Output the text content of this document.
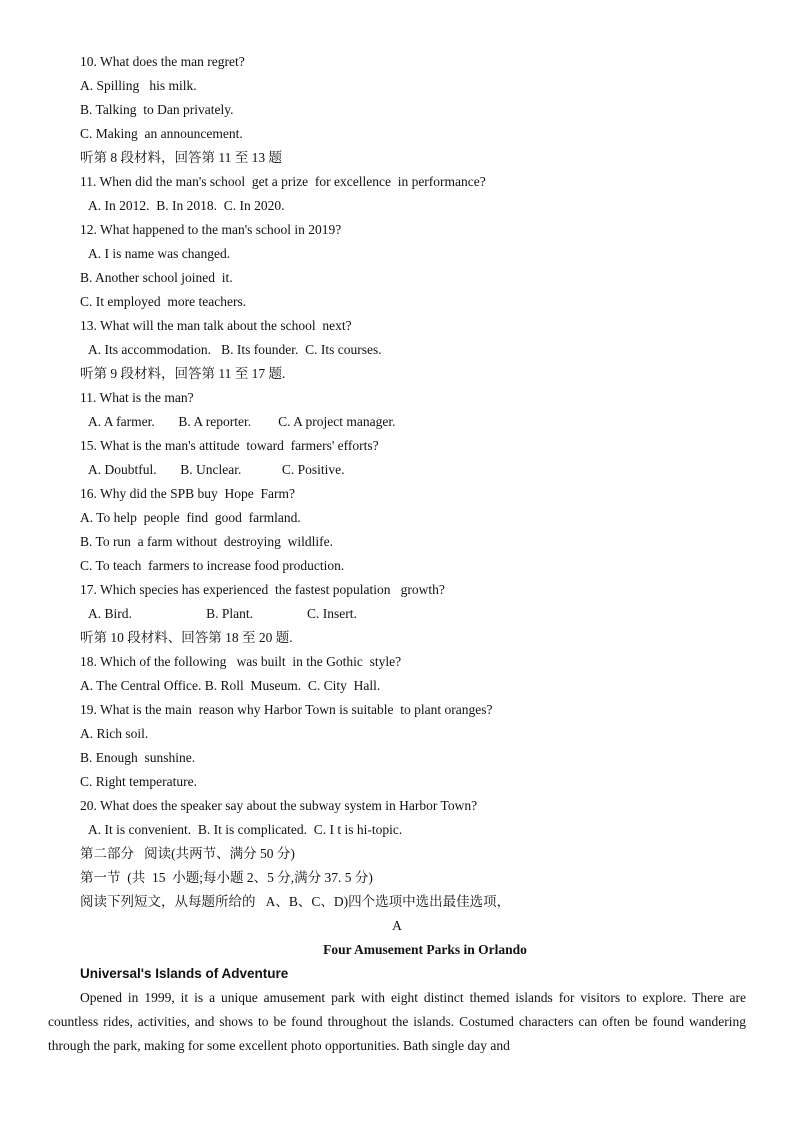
10. What does the man regret?
A. Spilling   his milk.
B. Talking  to Dan privately.
C. Making  an announcement.
听第 8 段材料，回答第 11 至 13 题
11. When did the man's school  get a prize  for excellence  in performance?
A. In 2012.  B. In 2018.  C. In 2020.
12. What happened to the man's school in 2019?
A. I is name was changed.
B. Another school joined  it.
C. It employed  more teachers.
13. What will the man talk about the school  next?
A. Its accommodation.   B. Its founder.  C. Its courses.
听第 9 段材料，回答第 11 至 17 题.
11. What is the man?
A. A farmer.       B. A reporter.        C. A project manager.
15. What is the man's attitude  toward  farmers' efforts?
A. Doubtful.       B. Unclear.            C. Positive.
16. Why did the SPB buy  Hope  Farm?
A. To help  people  find  good  farmland.
B. To run  a farm without  destroying  wildlife.
C. To teach  farmers to increase food production.
17. Which species has experienced  the fastest population   growth?
A. Bird.                      B. Plant.                C. Insert.
听第 10 段材料、回答第 18 至 20 题.
18. Which of the following   was built  in the Gothic  style?
A. The Central Office. B. Roll  Museum.  C. City  Hall.
19. What is the main  reason why Harbor Town is suitable  to plant oranges?
A. Rich soil.
B. Enough  sunshine.
C. Right temperature.
20. What does the speaker say about the subway system in Harbor Town?
A. It is convenient.  B. It is complicated.  C. I t is hi-topic.
第二部分   阅读(共两节、满分 50 分)
第一节  (共  15  小题;每小题 2、5 分,满分 37. 5 分)
阅读下列短文，从每题所给的   A、B、C、D)四个选项中选出最佳选项，
A
Four Amusement Parks in Orlando
Universal's Islands of Adventure
Opened in 1999, it is a unique amusement park with eight distinct themed islands for visitors to explore. There are countless rides, activities, and shows to be found throughout the islands. Costumed characters can often be found wandering through the park, making for some excellent photo opportunities. Bath single day and
